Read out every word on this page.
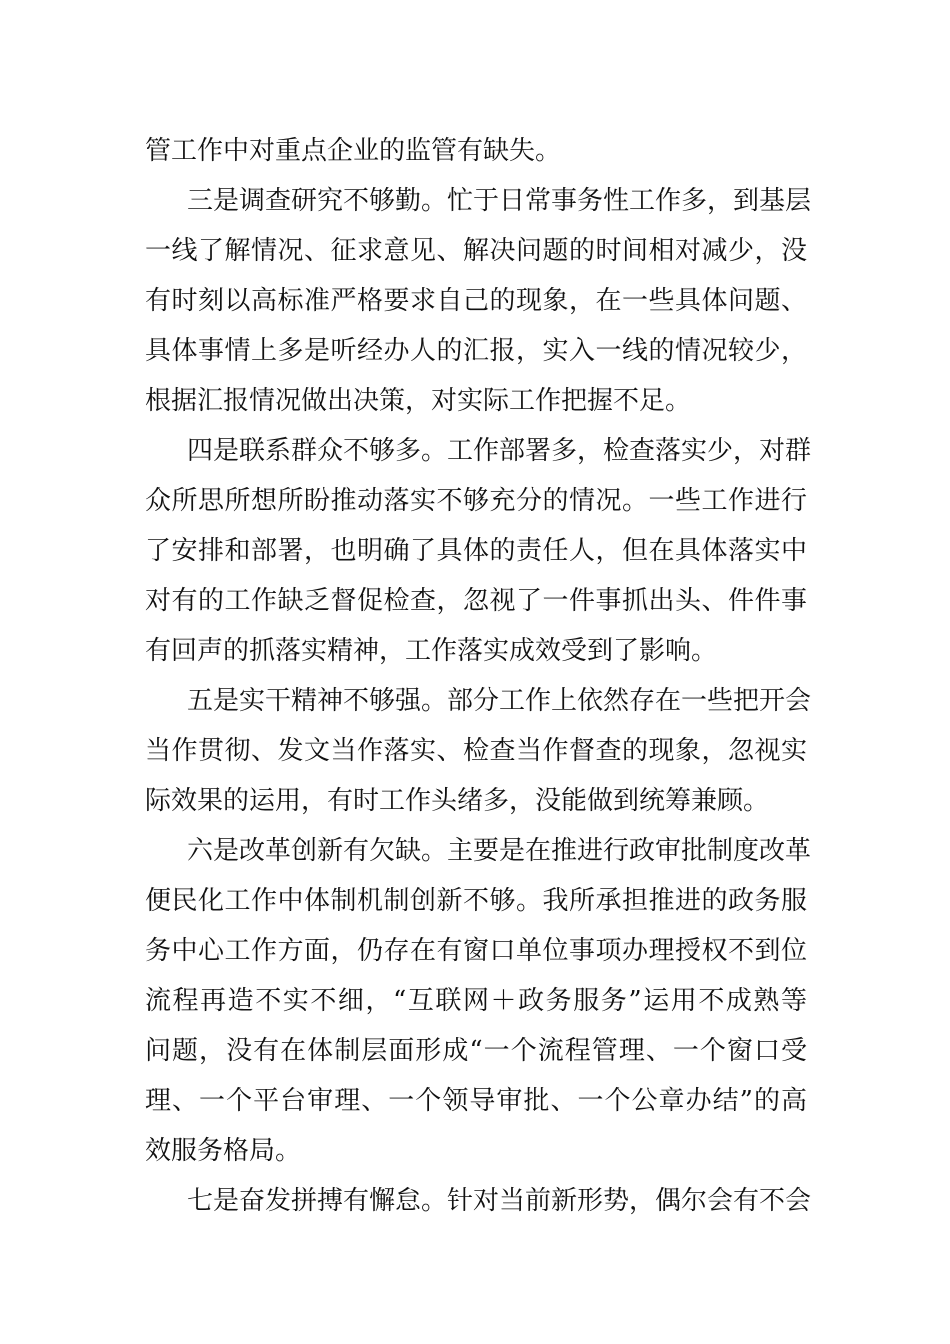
管工作中对重点企业的监管有缺失。
三是调查研究不够勤。忙于日常事务性工作多，到基层
一线了解情况、征求意见、解决问题的时间相对减少，没
有时刻以高标准严格要求自己的现象，在一些具体问题、
具体事情上多是听经办人的汇报，实入一线的情况较少，
根据汇报情况做出决策，对实际工作把握不足。
四是联系群众不够多。工作部署多，检查落实少，对群
众所思所想所盼推动落实不够充分的情况。一些工作进行
了安排和部署，也明确了具体的责任人，但在具体落实中
对有的工作缺乏督促检查，忽视了一件事抓出头、件件事
有回声的抓落实精神，工作落实成效受到了影响。
五是实干精神不够强。部分工作上依然存在一些把开会
当作贯彻、发文当作落实、检查当作督查的现象，忽视实
际效果的运用，有时工作头绪多，没能做到统筹兼顾。
六是改革创新有欠缺。主要是在推进行政审批制度改革
便民化工作中体制机制创新不够。我所承担推进的政务服
务中心工作方面，仍存在有窗口单位事项办理授权不到位
流程再造不实不细，“互联网＋政务服务”运用不成熟等
问题，没有在体制层面形成“一个流程管理、一个窗口受
理、一个平台审理、一个领导审批、一个公章办结”的高
效服务格局。
七是奋发拼搏有懈怠。针对当前新形势，偶尔会有不会
